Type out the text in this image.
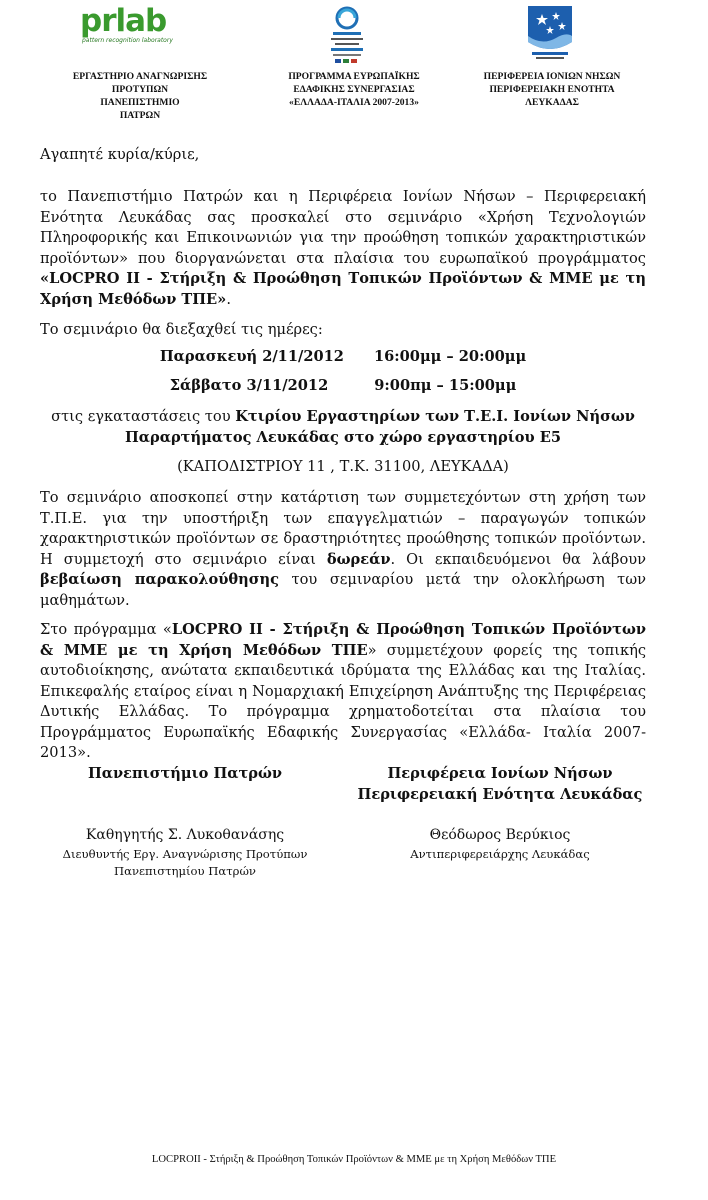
prlab
pattern recognition laboratory
ΕΡΓΑΣΤΗΡΙΟ ΑΝΑΓΝΩΡΙΣΗΣ
ΠΡΟΤΥΠΩΝ
ΠΑΝΕΠΙΣΤΗΜΙΟ
ΠΑΤΡΩΝ
ΠΡΟΓΡΑΜΜΑ ΕΥΡΩΠΑΪΚΗΣ
ΕΔΑΦΙΚΗΣ ΣΥΝΕΡΓΑΣΙΑΣ
«ΕΛΛΑΔΑ-ΙΤΑΛΙΑ 2007-2013»
ΠΕΡΙΦΕΡΕΙΑ ΙΟΝΙΩΝ ΝΗΣΩΝ
ΠΕΡΙΦΕΡΕΙΑΚΗ ΕΝΟΤΗΤΑ
ΛΕΥΚΑΔΑΣ
Αγαπητέ κυρία/κύριε,
το Πανεπιστήμιο Πατρών και η Περιφέρεια Ιονίων Νήσων – Περιφερειακή Ενότητα Λευκάδας σας προσκαλεί στο σεμινάριο «Χρήση Τεχνολογιών Πληροφορικής και Επικοινωνιών για την προώθηση τοπικών χαρακτηριστικών προϊόντων» που διοργανώνεται στα πλαίσια του ευρωπαϊκού προγράμματος «LOCPRO II - Στήριξη & Προώθηση Τοπικών Προϊόντων & ΜΜΕ με τη Χρήση Μεθόδων ΤΠΕ».
Το σεμινάριο θα διεξαχθεί τις ημέρες:
Παρασκευή 2/11/2012 16:00μμ – 20:00μμ
Σάββατο 3/11/2012	9:00πμ – 15:00μμ
στις εγκαταστάσεις του Κτιρίου Εργαστηρίων των Τ.Ε.Ι. Ιονίων Νήσων Παραρτήματος Λευκάδας στο χώρο εργαστηρίου Ε5
(ΚΑΠΟΔΙΣΤΡΙΟΥ 11 , Τ.Κ. 31100, ΛΕΥΚΑΔΑ)
Το σεμινάριο αποσκοπεί στην κατάρτιση των συμμετεχόντων στη χρήση των Τ.Π.Ε. για την υποστήριξη των επαγγελματιών – παραγωγών τοπικών χαρακτηριστικών προϊόντων σε δραστηριότητες προώθησης τοπικών προϊόντων. Η συμμετοχή στο σεμινάριο είναι δωρεάν. Οι εκπαιδευόμενοι θα λάβουν βεβαίωση παρακολούθησης του σεμιναρίου μετά την ολοκλήρωση των μαθημάτων.
Στο πρόγραμμα «LOCPRO II - Στήριξη & Προώθηση Τοπικών Προϊόντων & ΜΜΕ με τη Χρήση Μεθόδων ΤΠΕ» συμμετέχουν φορείς της τοπικής αυτοδιοίκησης, ανώτατα εκπαιδευτικά ιδρύματα της Ελλάδας και της Ιταλίας. Επικεφαλής εταίρος είναι η Νομαρχιακή Επιχείρηση Ανάπτυξης της Περιφέρειας Δυτικής Ελλάδας. Το πρόγραμμα χρηματοδοτείται στα πλαίσια του Προγράμματος Ευρωπαϊκής Εδαφικής Συνεργασίας «Ελλάδα- Ιταλία 2007-2013».
Πανεπιστήμιο Πατρών	Περιφέρεια Ιονίων Νήσων
Περιφερειακή Ενότητα Λευκάδας
Καθηγητής Σ. Λυκοθανάσης	Θεόδωρος Βερύκιος
Διευθυντής Εργ. Αναγνώρισης Προτύπων
Πανεπιστημίου Πατρών
Αντιπεριφερειάρχης Λευκάδας
LOCPROII - Στήριξη & Προώθηση Τοπικών Προϊόντων & ΜΜΕ με τη Χρήση Μεθόδων ΤΠΕ
